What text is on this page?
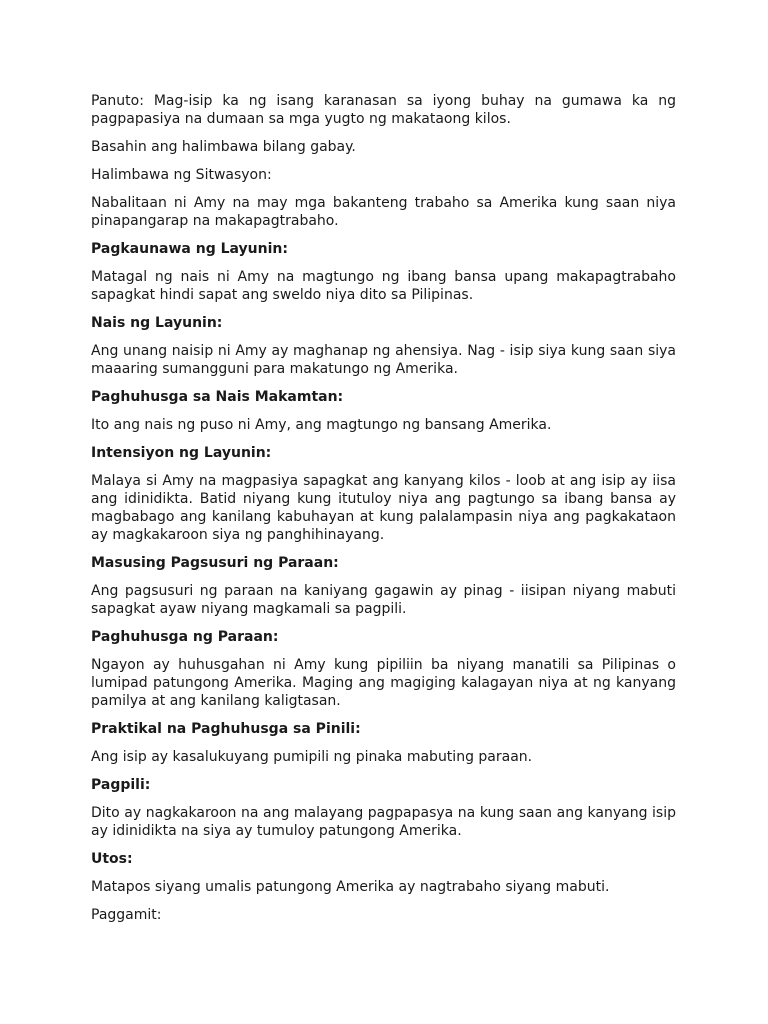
Panuto: Mag-isip ka ng isang karanasan sa iyong buhay na gumawa ka ng pagpapasiya na dumaan sa mga yugto ng makataong kilos.

Basahin ang halimbawa bilang gabay.

Halimbawa ng Sitwasyon:

Nabalitaan ni Amy na may mga bakanteng trabaho sa Amerika kung saan niya pinapangarap na makapagtrabaho.

Pagkaunawa ng Layunin:

Matagal ng nais ni Amy na magtungo ng ibang bansa upang makapagtrabaho sapagkat hindi sapat ang sweldo niya dito sa Pilipinas.

Nais ng Layunin:

Ang unang naisip ni Amy ay maghanap ng ahensiya. Nag - isip siya kung saan siya maaaring sumangguni para makatungo ng Amerika.

Paghuhusga sa Nais Makamtan:

Ito ang nais ng puso ni Amy, ang magtungo ng bansang Amerika.

Intensiyon ng Layunin:

Malaya si Amy na magpasiya sapagkat ang kanyang kilos - loob at ang isip ay iisa ang idinidikta. Batid niyang kung itutuloy niya ang pagtungo sa ibang bansa ay magbabago ang kanilang kabuhayan at kung palalampasin niya ang pagkakataon ay magkakaroon siya ng panghihinayang.

Masusing Pagsusuri ng Paraan:

Ang pagsusuri ng paraan na kaniyang gagawin ay pinag - iisipan niyang mabuti sapagkat ayaw niyang magkamali sa pagpili.

Paghuhusga ng Paraan:

Ngayon ay huhusgahan ni Amy kung pipiliin ba niyang manatili sa Pilipinas o lumipad patungong Amerika. Maging ang magiging kalagayan niya at ng kanyang pamilya at ang kanilang kaligtasan.

Praktikal na Paghuhusga sa Pinili:

Ang isip ay kasalukuyang pumipili ng pinaka mabuting paraan.

Pagpili:

Dito ay nagkakaroon na ang malayang pagpapasya na kung saan ang kanyang isip ay idinidikta na siya ay tumuloy patungong Amerika.

Utos:

Matapos siyang umalis patungong Amerika ay nagtrabaho siyang mabuti.

Paggamit:
